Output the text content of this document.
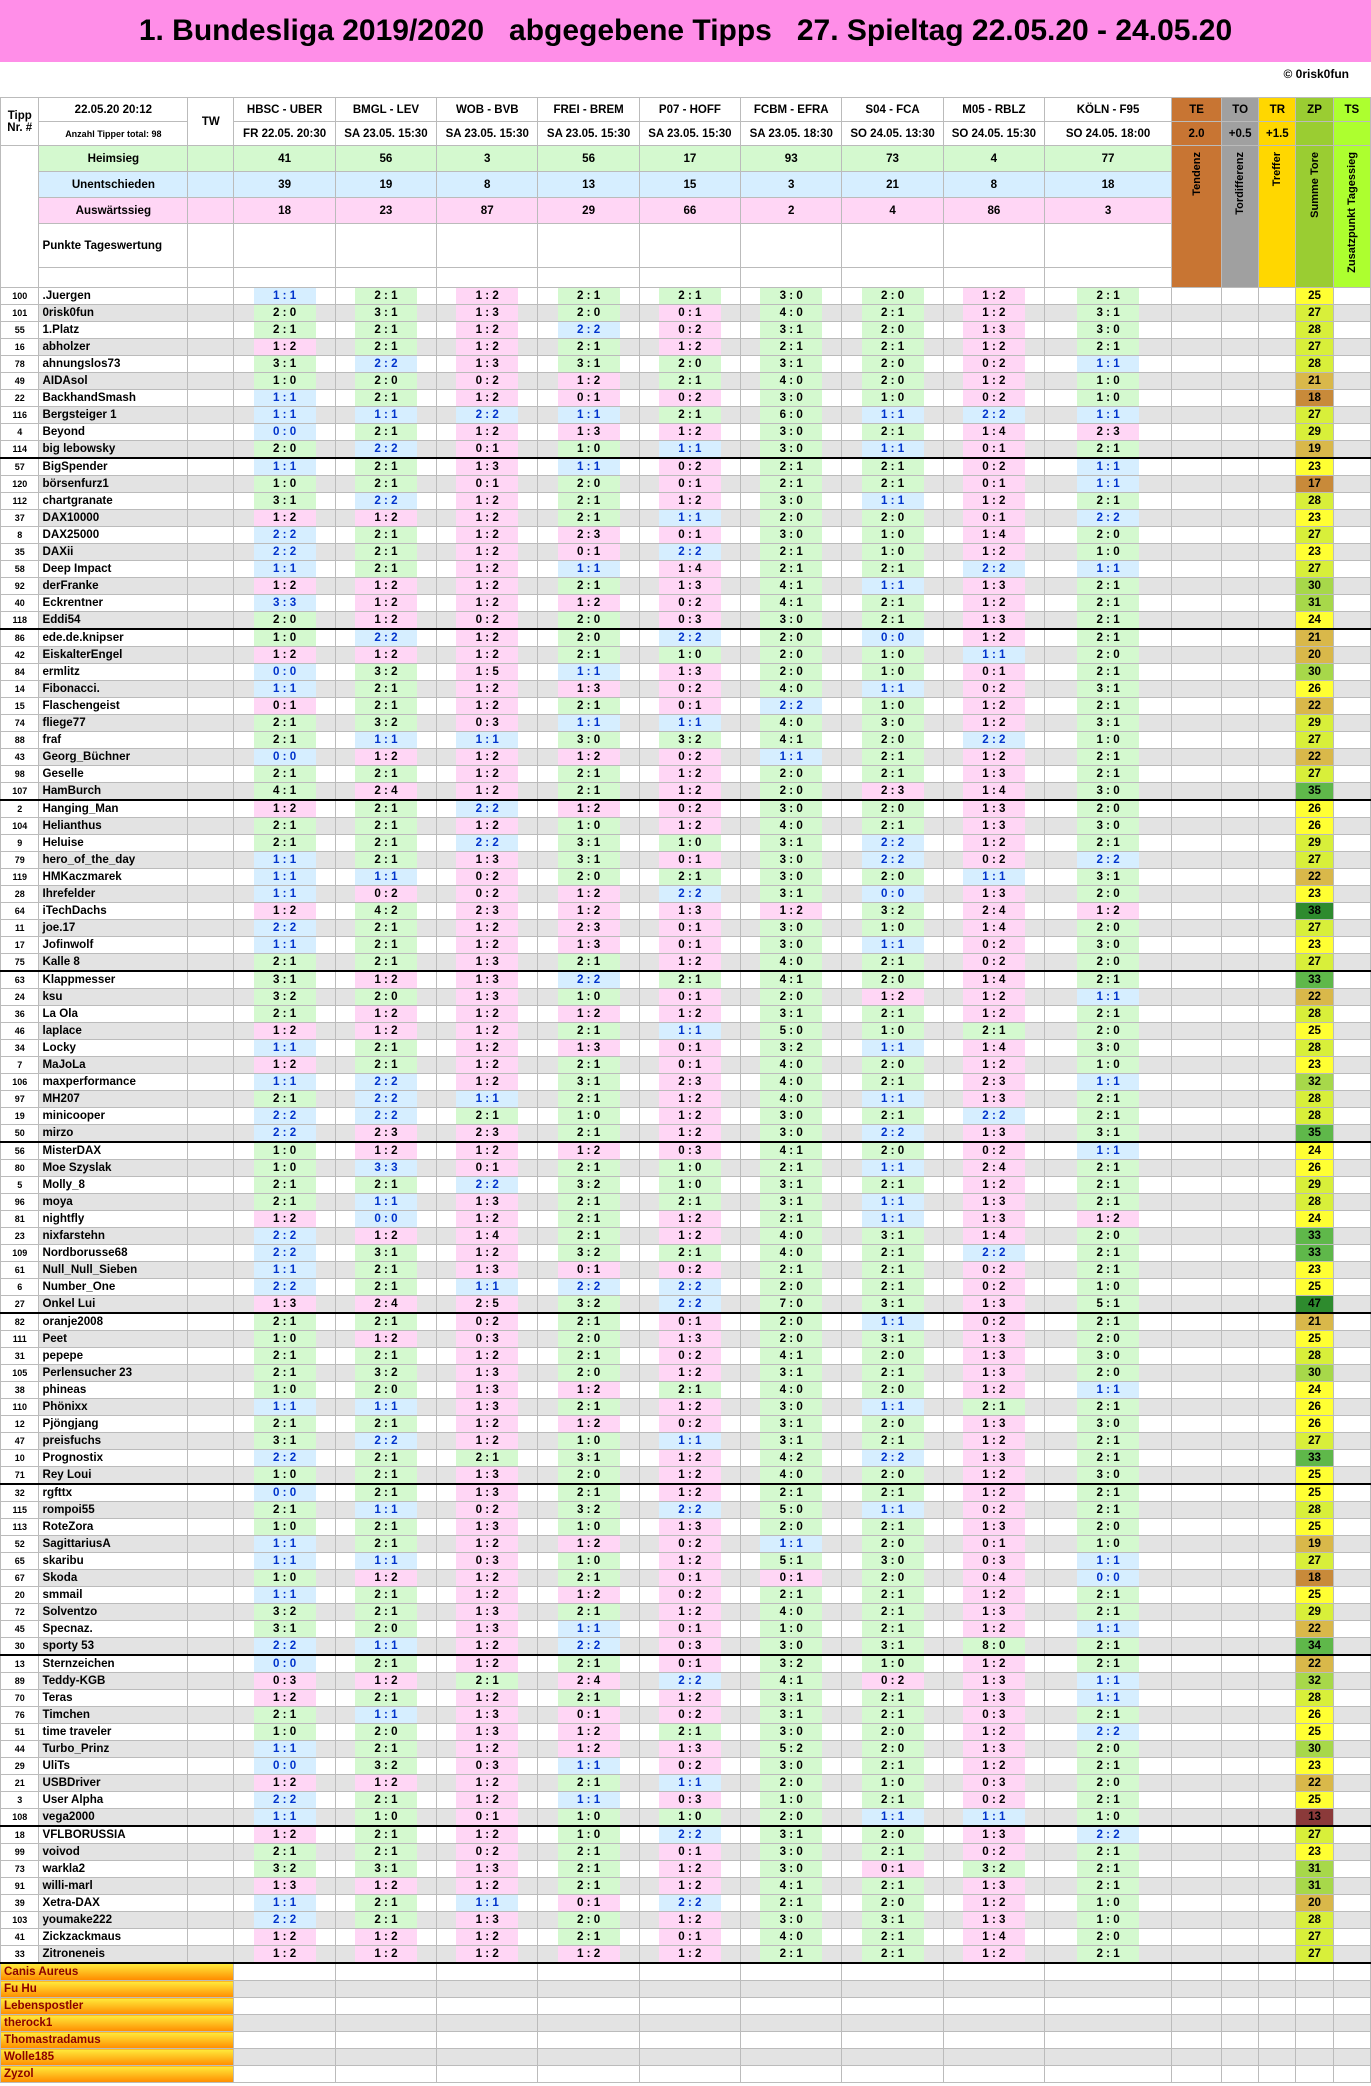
1. Bundesliga 2019/2020   abgegebene Tipps   27. Spieltag 22.05.20 - 24.05.20
© 0risk0fun
Tipp Nr. #	22.05.20 20:12	TW	HBSC - UBER	BMGL - LEV	WOB - BVB	FREI - BREM	P07 - HOFF	FCBM - EFRA	S04 - FCA	M05 - RBLZ	KÖLN - F95	TE	TO	TR	ZP	TS
	Anzahl Tipper total: 98		FR 22.05. 20:30	SA 23.05. 15:30	SA 23.05. 15:30	SA 23.05. 15:30	SA 23.05. 15:30	SA 23.05. 18:30	SO 24.05. 13:30	SO 24.05. 15:30	SO 24.05. 18:00	2.0	+0.5	+1.5		
	Heimsieg		41	56	3	56	17	93	73	4	77	Tendenz	Tordifferenz	Treffer	Summe Tore	Zusatzpunkt Tagessieg
	Unentschieden		39	19	8	13	15	3	21	8	18					
	Auswärtssieg		18	23	87	29	66	2	4	86	3					
	Punkte Tageswertung															

100	.Juergen		1 : 1	2 : 1	1 : 2	2 : 1	2 : 1	3 : 0	2 : 0	1 : 2	2 : 1				25	
101	0risk0fun		2 : 0	3 : 1	1 : 3	2 : 0	0 : 1	4 : 0	2 : 1	1 : 2	3 : 1				27	
55	1.Platz		2 : 1	2 : 1	1 : 2	2 : 2	0 : 2	3 : 1	2 : 0	1 : 3	3 : 0				28	
16	abholzer		1 : 2	2 : 1	1 : 2	2 : 1	1 : 2	2 : 1	2 : 1	1 : 2	2 : 1				27	
78	ahnungslos73		3 : 1	2 : 2	1 : 3	3 : 1	2 : 0	3 : 1	2 : 0	0 : 2	1 : 1				28	
49	AIDAsol		1 : 0	2 : 0	0 : 2	1 : 2	2 : 1	4 : 0	2 : 0	1 : 2	1 : 0				21	
22	BackhandSmash		1 : 1	2 : 1	1 : 2	0 : 1	0 : 2	3 : 0	1 : 0	0 : 2	1 : 0				18	
116	Bergsteiger 1		1 : 1	1 : 1	2 : 2	1 : 1	2 : 1	6 : 0	1 : 1	2 : 2	1 : 1				27	
4	Beyond		0 : 0	2 : 1	1 : 2	1 : 3	1 : 2	3 : 0	2 : 1	1 : 4	2 : 3				29	
114	big lebowsky		2 : 0	2 : 2	0 : 1	1 : 0	1 : 1	3 : 0	1 : 1	0 : 1	2 : 1				19	
57	BigSpender		1 : 1	2 : 1	1 : 3	1 : 1	0 : 2	2 : 1	2 : 1	0 : 2	1 : 1				23	
120	börsenfurz1		1 : 0	2 : 1	0 : 1	2 : 0	0 : 1	2 : 1	2 : 1	0 : 1	1 : 1				17	
112	chartgranate		3 : 1	2 : 2	1 : 2	2 : 1	1 : 2	3 : 0	1 : 1	1 : 2	2 : 1				28	
37	DAX10000		1 : 2	1 : 2	1 : 2	2 : 1	1 : 1	2 : 0	2 : 0	0 : 1	2 : 2				23	
8	DAX25000		2 : 2	2 : 1	1 : 2	2 : 3	0 : 1	3 : 0	1 : 0	1 : 4	2 : 0				27	
35	DAXii		2 : 2	2 : 1	1 : 2	0 : 1	2 : 2	2 : 1	1 : 0	1 : 2	1 : 0				23	
58	Deep Impact		1 : 1	2 : 1	1 : 2	1 : 1	1 : 4	2 : 1	2 : 1	2 : 2	1 : 1				27	
92	derFranke		1 : 2	1 : 2	1 : 2	2 : 1	1 : 3	4 : 1	1 : 1	1 : 3	2 : 1				30	
40	Eckrentner		3 : 3	1 : 2	1 : 2	1 : 2	0 : 2	4 : 1	2 : 1	1 : 2	2 : 1				31	
118	Eddi54		2 : 0	1 : 2	0 : 2	2 : 0	0 : 3	3 : 0	2 : 1	1 : 3	2 : 1				24	
86	ede.de.knipser		1 : 0	2 : 2	1 : 2	2 : 0	2 : 2	2 : 0	0 : 0	1 : 2	2 : 1				21	
42	EiskalterEngel		1 : 2	1 : 2	1 : 2	2 : 1	1 : 0	2 : 0	1 : 0	1 : 1	2 : 0				20	
84	ermlitz		0 : 0	3 : 2	1 : 5	1 : 1	1 : 3	2 : 0	1 : 0	0 : 1	2 : 1				30	
14	Fibonacci.		1 : 1	2 : 1	1 : 2	1 : 3	0 : 2	4 : 0	1 : 1	0 : 2	3 : 1				26	
15	Flaschengeist		0 : 1	2 : 1	1 : 2	2 : 1	0 : 1	2 : 2	1 : 0	1 : 2	2 : 1				22	
74	fliege77		2 : 1	3 : 2	0 : 3	1 : 1	1 : 1	4 : 0	3 : 0	1 : 2	3 : 1				29	
88	fraf		2 : 1	1 : 1	1 : 1	3 : 0	3 : 2	4 : 1	2 : 0	2 : 2	1 : 0				27	
43	Georg_Büchner		0 : 0	1 : 2	1 : 2	1 : 2	0 : 2	1 : 1	2 : 1	1 : 2	2 : 1				22	
98	Geselle		2 : 1	2 : 1	1 : 2	2 : 1	1 : 2	2 : 0	2 : 1	1 : 3	2 : 1				27	
107	HamBurch		4 : 1	2 : 4	1 : 2	2 : 1	1 : 2	2 : 0	2 : 3	1 : 4	3 : 0				35	
2	Hanging_Man		1 : 2	2 : 1	2 : 2	1 : 2	0 : 2	3 : 0	2 : 0	1 : 3	2 : 0				26	
104	Helianthus		2 : 1	2 : 1	1 : 2	1 : 0	1 : 2	4 : 0	2 : 1	1 : 3	3 : 0				26	
9	Heluise		2 : 1	2 : 1	2 : 2	3 : 1	1 : 0	3 : 1	2 : 2	1 : 2	2 : 1				29	
79	hero_of_the_day		1 : 1	2 : 1	1 : 3	3 : 1	0 : 1	3 : 0	2 : 2	0 : 2	2 : 2				27	
119	HMKaczmarek		1 : 1	1 : 1	0 : 2	2 : 0	2 : 1	3 : 0	2 : 0	1 : 1	3 : 1				22	
28	Ihrefelder		1 : 1	0 : 2	0 : 2	1 : 2	2 : 2	3 : 1	0 : 0	1 : 3	2 : 0				23	
64	iTechDachs		1 : 2	4 : 2	2 : 3	1 : 2	1 : 3	1 : 2	3 : 2	2 : 4	1 : 2				38	
11	joe.17		2 : 2	2 : 1	1 : 2	2 : 3	0 : 1	3 : 0	1 : 0	1 : 4	2 : 0				27	
17	Jofinwolf		1 : 1	2 : 1	1 : 2	1 : 3	0 : 1	3 : 0	1 : 1	0 : 2	3 : 0				23	
75	Kalle 8		2 : 1	2 : 1	1 : 3	2 : 1	1 : 2	4 : 0	2 : 1	0 : 2	2 : 0				27	
63	Klappmesser		3 : 1	1 : 2	1 : 3	2 : 2	2 : 1	4 : 1	2 : 0	1 : 4	2 : 1				33	
24	ksu		3 : 2	2 : 0	1 : 3	1 : 0	0 : 1	2 : 0	1 : 2	1 : 2	1 : 1				22	
36	La Ola		2 : 1	1 : 2	1 : 2	1 : 2	1 : 2	3 : 1	2 : 1	1 : 2	2 : 1				28	
46	laplace		1 : 2	1 : 2	1 : 2	2 : 1	1 : 1	5 : 0	1 : 0	2 : 1	2 : 0				25	
34	Locky		1 : 1	2 : 1	1 : 2	1 : 3	0 : 1	3 : 2	1 : 1	1 : 4	3 : 0				28	
7	MaJoLa		1 : 2	2 : 1	1 : 2	2 : 1	0 : 1	4 : 0	2 : 0	1 : 2	1 : 0				23	
106	maxperformance		1 : 1	2 : 2	1 : 2	3 : 1	2 : 3	4 : 0	2 : 1	2 : 3	1 : 1				32	
97	MH207		2 : 1	2 : 2	1 : 1	2 : 1	1 : 2	4 : 0	1 : 1	1 : 3	2 : 1				28	
19	minicooper		2 : 2	2 : 2	2 : 1	1 : 0	1 : 2	3 : 0	2 : 1	2 : 2	2 : 1				28	
50	mirzo		2 : 2	2 : 3	2 : 3	2 : 1	1 : 2	3 : 0	2 : 2	1 : 3	3 : 1				35	
56	MisterDAX		1 : 0	1 : 2	1 : 2	1 : 2	0 : 3	4 : 1	2 : 0	0 : 2	1 : 1				24	
80	Moe Szyslak		1 : 0	3 : 3	0 : 1	2 : 1	1 : 0	2 : 1	1 : 1	2 : 4	2 : 1				26	
5	Molly_8		2 : 1	2 : 1	2 : 2	3 : 2	1 : 0	3 : 1	2 : 1	1 : 2	2 : 1				29	
96	moya		2 : 1	1 : 1	1 : 3	2 : 1	2 : 1	3 : 1	1 : 1	1 : 3	2 : 1				28	
81	nightfly		1 : 2	0 : 0	1 : 2	2 : 1	1 : 2	2 : 1	1 : 1	1 : 3	1 : 2				24	
23	nixfarstehn		2 : 2	1 : 2	1 : 4	2 : 1	1 : 2	4 : 0	3 : 1	1 : 4	2 : 0				33	
109	Nordborusse68		2 : 2	3 : 1	1 : 2	3 : 2	2 : 1	4 : 0	2 : 1	2 : 2	2 : 1				33	
61	Null_Null_Sieben		1 : 1	2 : 1	1 : 3	0 : 1	0 : 2	2 : 1	2 : 1	0 : 2	2 : 1				23	
6	Number_One		2 : 2	2 : 1	1 : 1	2 : 2	2 : 2	2 : 0	2 : 1	0 : 2	1 : 0				25	
27	Onkel Lui		1 : 3	2 : 4	2 : 5	3 : 2	2 : 2	7 : 0	3 : 1	1 : 3	5 : 1				47	
82	oranje2008		2 : 1	2 : 1	0 : 2	2 : 1	0 : 1	2 : 0	1 : 1	0 : 2	2 : 1				21	
111	Peet		1 : 0	1 : 2	0 : 3	2 : 0	1 : 3	2 : 0	3 : 1	1 : 3	2 : 0				25	
31	pepepe		2 : 1	2 : 1	1 : 2	2 : 1	0 : 2	4 : 1	2 : 0	1 : 3	3 : 0				28	
105	Perlensucher 23		2 : 1	3 : 2	1 : 3	2 : 0	1 : 2	3 : 1	2 : 1	1 : 3	2 : 0				30	
38	phineas		1 : 0	2 : 0	1 : 3	1 : 2	2 : 1	4 : 0	2 : 0	1 : 2	1 : 1				24	
110	Phönixx		1 : 1	1 : 1	1 : 3	2 : 1	1 : 2	3 : 0	1 : 1	2 : 1	2 : 1				26	
12	Pjöngjang		2 : 1	2 : 1	1 : 2	1 : 2	0 : 2	3 : 1	2 : 0	1 : 3	3 : 0				26	
47	preisfuchs		3 : 1	2 : 2	1 : 2	1 : 0	1 : 1	3 : 1	2 : 1	1 : 2	2 : 1				27	
10	Prognostix		2 : 2	2 : 1	2 : 1	3 : 1	1 : 2	4 : 2	2 : 2	1 : 3	2 : 1				33	
71	Rey Loui		1 : 0	2 : 1	1 : 3	2 : 0	1 : 2	4 : 0	2 : 0	1 : 2	3 : 0				25	
32	rgfttx		0 : 0	2 : 1	1 : 3	2 : 1	1 : 2	2 : 1	2 : 1	1 : 2	2 : 1				25	
115	rompoi55		2 : 1	1 : 1	0 : 2	3 : 2	2 : 2	5 : 0	1 : 1	0 : 2	2 : 1				28	
113	RoteZora		1 : 0	2 : 1	1 : 3	1 : 0	1 : 3	2 : 0	2 : 1	1 : 3	2 : 0				25	
52	SagittariusA		1 : 1	2 : 1	1 : 2	1 : 2	0 : 2	1 : 1	2 : 0	0 : 1	1 : 0				19	
65	skaribu		1 : 1	1 : 1	0 : 3	1 : 0	1 : 2	5 : 1	3 : 0	0 : 3	1 : 1				27	
67	Skoda		1 : 0	1 : 2	1 : 2	2 : 1	0 : 1	0 : 1	2 : 0	0 : 4	0 : 0				18	
20	smmail		1 : 1	2 : 1	1 : 2	1 : 2	0 : 2	2 : 1	2 : 1	1 : 2	2 : 1				25	
72	Solventzo		3 : 2	2 : 1	1 : 3	2 : 1	1 : 2	4 : 0	2 : 1	1 : 3	2 : 1				29	
45	Specnaz.		3 : 1	2 : 0	1 : 3	1 : 1	0 : 1	1 : 0	2 : 1	1 : 2	1 : 1				22	
30	sporty 53		2 : 2	1 : 1	1 : 2	2 : 2	0 : 3	3 : 0	3 : 1	8 : 0	2 : 1				34	
13	Sternzeichen		0 : 0	2 : 1	1 : 2	2 : 1	0 : 1	3 : 2	1 : 0	1 : 2	2 : 1				22	
89	Teddy-KGB		0 : 3	1 : 2	2 : 1	2 : 4	2 : 2	4 : 1	0 : 2	1 : 3	1 : 1				32	
70	Teras		1 : 2	2 : 1	1 : 2	2 : 1	1 : 2	3 : 1	2 : 1	1 : 3	1 : 1				28	
76	Timchen		2 : 1	1 : 1	1 : 3	0 : 1	0 : 2	3 : 1	2 : 1	0 : 3	2 : 1				26	
51	time traveler		1 : 0	2 : 0	1 : 3	1 : 2	2 : 1	3 : 0	2 : 0	1 : 2	2 : 2				25	
44	Turbo_Prinz		1 : 1	2 : 1	1 : 2	1 : 2	1 : 3	5 : 2	2 : 0	1 : 3	2 : 0				30	
29	UliTs		0 : 0	3 : 2	0 : 3	1 : 1	0 : 2	3 : 0	2 : 1	1 : 2	2 : 1				23	
21	USBDriver		1 : 2	1 : 2	1 : 2	2 : 1	1 : 1	2 : 0	1 : 0	0 : 3	2 : 0				22	
3	User Alpha		2 : 2	2 : 1	1 : 2	1 : 1	0 : 3	1 : 0	2 : 1	0 : 2	2 : 1				25	
108	vega2000		1 : 1	1 : 0	0 : 1	1 : 0	1 : 0	2 : 0	1 : 1	1 : 1	1 : 0				13	
18	VFLBORUSSIA		1 : 2	2 : 1	1 : 2	1 : 0	2 : 2	3 : 1	2 : 0	1 : 3	2 : 2				27	
99	voivod		2 : 1	2 : 1	0 : 2	2 : 1	0 : 1	3 : 0	2 : 1	0 : 2	2 : 1				23	
73	warkla2		3 : 2	3 : 1	1 : 3	2 : 1	1 : 2	3 : 0	0 : 1	3 : 2	2 : 1				31	
91	willi-marl		1 : 3	1 : 2	1 : 2	2 : 1	1 : 2	4 : 1	2 : 1	1 : 3	2 : 1				31	
39	Xetra-DAX		1 : 1	2 : 1	1 : 1	0 : 1	2 : 2	2 : 1	2 : 0	1 : 2	1 : 0				20	
103	youmake222		2 : 2	2 : 1	1 : 3	2 : 0	1 : 2	3 : 0	3 : 1	1 : 3	1 : 0				28	
41	Zickzackmaus		1 : 2	1 : 2	1 : 2	2 : 1	0 : 1	4 : 0	2 : 1	1 : 4	2 : 0				27	
33	Zitroneneis		1 : 2	1 : 2	1 : 2	1 : 2	1 : 2	2 : 1	2 : 1	1 : 2	2 : 1				27	
Canis Aureus																
Fu Hu																
Lebenspostler																
therock1																
Thomastradamus																
Wolle185																
Zyzol																
